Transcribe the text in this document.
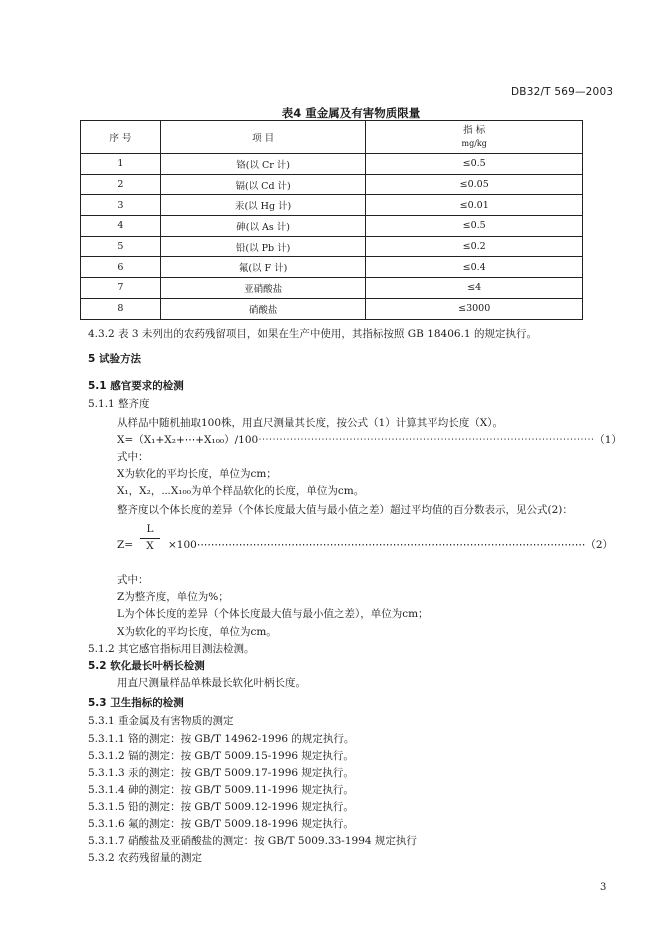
DB32/T 569—2003
表4 重金属及有害物质限量
序 号	项 目	指 标
mg/kg

1	铬(以 Cr 计)	≤0.5
2	镉(以 Cd 计)	≤0.05
3	汞(以 Hg 计)	≤0.01
4	砷(以 As 计)	≤0.5
5	铅(以 Pb 计)	≤0.2
6	氟(以 F 计)	≤0.4
7	亚硝酸盐	≤4
8	硝酸盐	≤3000
4.3.2 表 3 未列出的农药残留项目，如果在生产中使用，其指标按照 GB 18406.1 的规定执行。
5 试验方法
5.1 感官要求的检测
5.1.1 整齐度
从样品中随机抽取100株，用直尺测量其长度，按公式（1）计算其平均长度（X）。
X=（X₁+X₂+⋯+X₁₀₀）/100⋯⋯⋯⋯⋯⋯⋯⋯⋯⋯⋯⋯⋯⋯⋯⋯⋯⋯⋯⋯⋯⋯⋯⋯⋯⋯⋯⋯⋯⋯⋯⋯（1）
式中：
X为软化的平均长度，单位为cm；
X₁，X₂，⋯X₁₀₀为单个样品软化的长度，单位为cm。
整齐度以个体长度的差异（个体长度最大值与最小值之差）超过平均值的百分数表示，见公式(2)：
Z=
L
X	×100⋯⋯⋯⋯⋯⋯⋯⋯⋯⋯⋯⋯⋯⋯⋯⋯⋯⋯⋯⋯⋯⋯⋯⋯⋯⋯⋯⋯⋯⋯⋯⋯⋯⋯⋯⋯⋯（2）
式中：
Z为整齐度，单位为%；
L为个体长度的差异（个体长度最大值与最小值之差），单位为cm；
X为软化的平均长度，单位为cm。
5.1.2 其它感官指标用目测法检测。
5.2 软化最长叶柄长检测
用直尺测量样品单株最长软化叶柄长度。
5.3 卫生指标的检测
5.3.1 重金属及有害物质的测定
5.3.1.1 铬的测定：按 GB/T 14962-1996 的规定执行。
5.3.1.2 镉的测定：按 GB/T 5009.15-1996 规定执行。
5.3.1.3 汞的测定：按 GB/T 5009.17-1996 规定执行。
5.3.1.4 砷的测定：按 GB/T 5009.11-1996 规定执行。
5.3.1.5 铅的测定：按 GB/T 5009.12-1996 规定执行。
5.3.1.6 氟的测定：按 GB/T 5009.18-1996 规定执行。
5.3.1.7 硝酸盐及亚硝酸盐的测定：按 GB/T 5009.33-1994 规定执行
5.3.2 农药残留量的测定
3
